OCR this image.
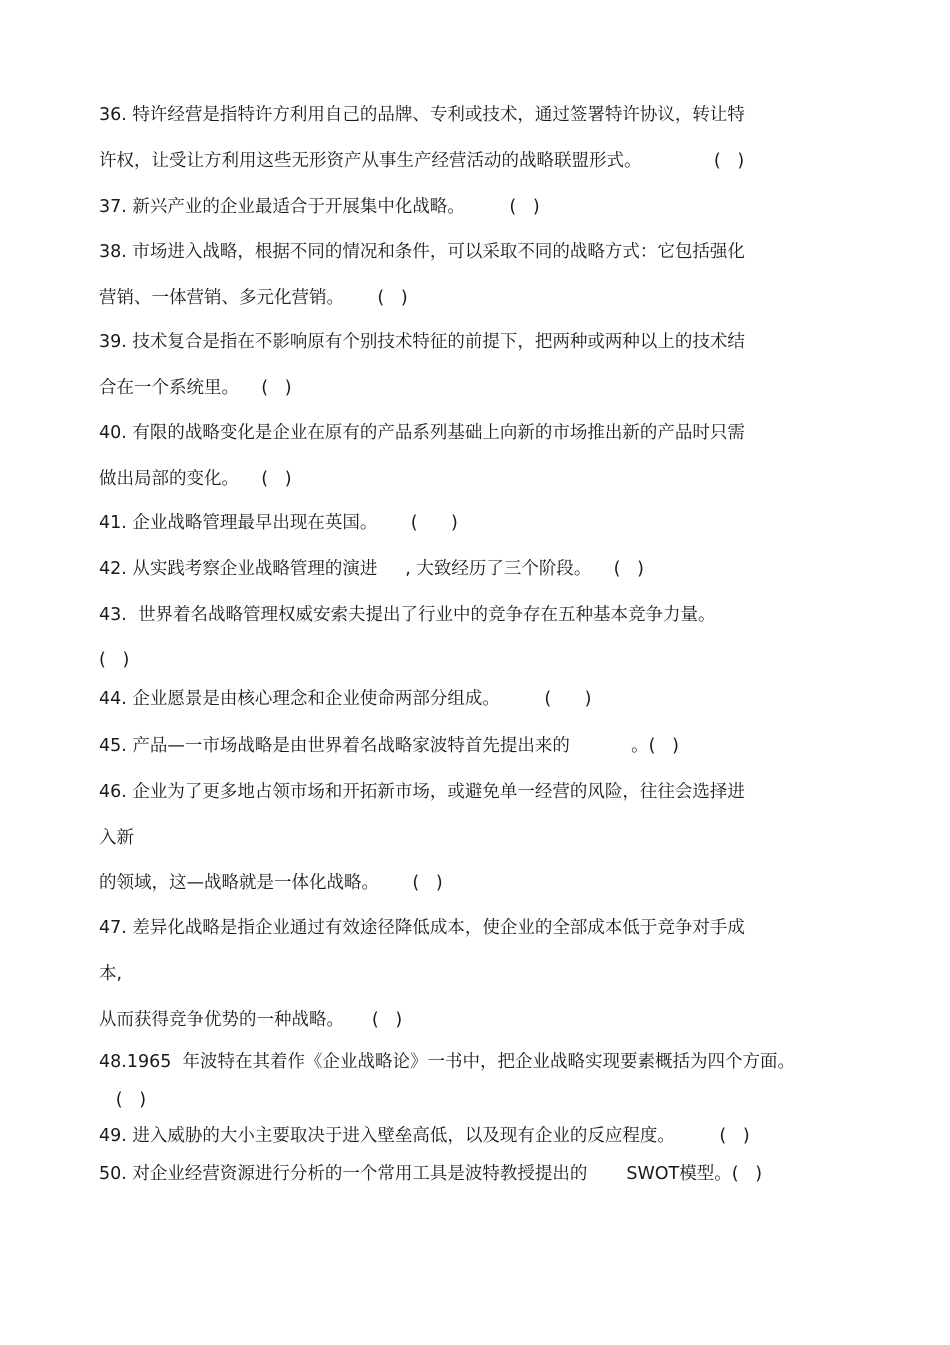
36. 特许经营是指特许方利用自己的品牌、专利或技术，通过签署特许协议，转让特
许权，让受让方利用这些无形资产从事生产经营活动的战略联盟形式。             (   )
37. 新兴产业的企业最适合于开展集中化战略。        (   )
38. 市场进入战略，根据不同的情况和条件，可以采取不同的战略方式：它包括强化
营销、一体营销、多元化营销。      (   )
39. 技术复合是指在不影响原有个别技术特征的前提下，把两种或两种以上的技术结
合在一个系统里。    (   )
40. 有限的战略变化是企业在原有的产品系列基础上向新的市场推出新的产品时只需
做出局部的变化。    (   )
41. 企业战略管理最早出现在英国。      (      )
42. 从实践考察企业战略管理的演进     , 大致经历了三个阶段。    (   )
43.  世界着名战略管理权威安索夫提出了行业中的竞争存在五种基本竞争力量。
(   )
44. 企业愿景是由核心理念和企业使命两部分组成。        (      )
45. 产品—一市场战略是由世界着名战略家波特首先提出来的           。(   )
46. 企业为了更多地占领市场和开拓新市场，或避免单一经营的风险，往往会选择进
入新
的领域，这—战略就是一体化战略。      (   )
47. 差异化战略是指企业通过有效途径降低成本，使企业的全部成本低于竞争对手成
本,
从而获得竞争优势的一种战略。     (   )
48.1965  年波特在其着作《企业战略论》一书中，把企业战略实现要素概括为四个方面。
(   )
49. 进入威胁的大小主要取决于进入壁垒高低，以及现有企业的反应程度。        (   )
50. 对企业经营资源进行分析的一个常用工具是波特教授提出的       SWOT模型。(   )
